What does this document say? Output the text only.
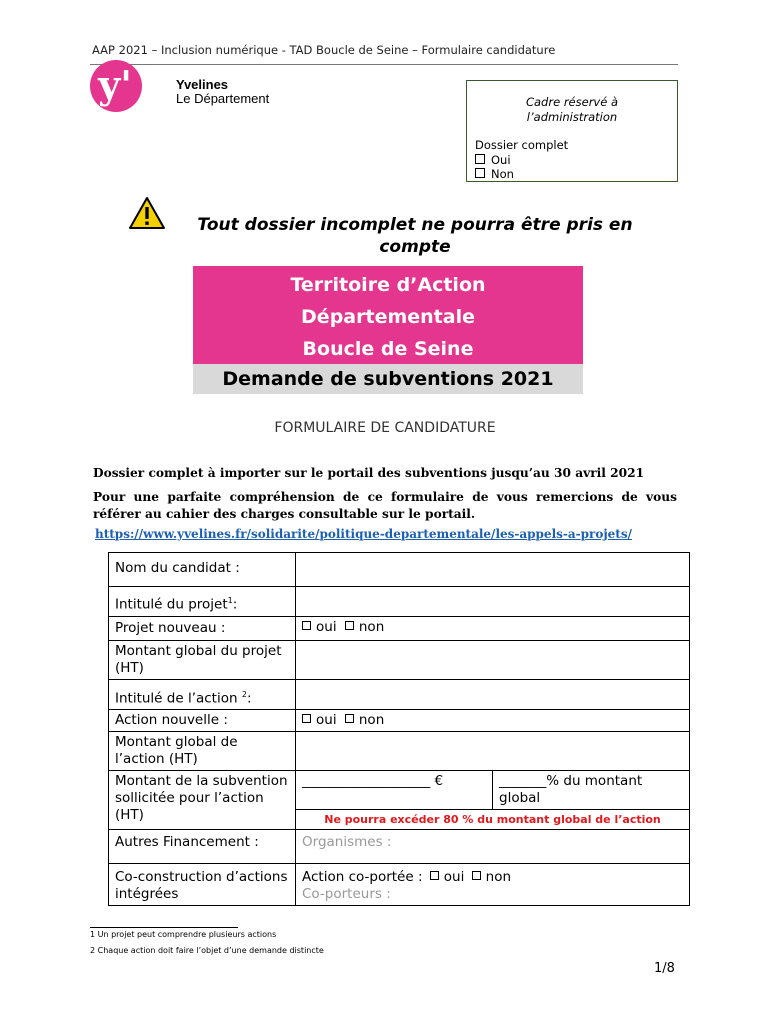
AAP 2021 – Inclusion numérique - TAD Boucle de Seine – Formulaire candidature
y'	Yvelines
Le Département	Cadre réservé à
l’administration
Dossier complet
Oui
Non
Tout dossier incomplet ne pourra être pris en
compte
Territoire d’Action
Départementale
Boucle de Seine
Demande de subventions 2021
FORMULAIRE DE CANDIDATURE
Dossier complet à importer sur le portail des subventions jusqu’au 30 avril 2021
Pour une parfaite compréhension de ce formulaire de vous remercions de vous référer au cahier des charges consultable sur le portail.
https://www.yvelines.fr/solidarite/politique-departementale/les-appels-a-projets/
Nom du candidat :		
Intitulé du projet$^1$:		
Projet nouveau :	oui non	
Montant global du projet (HT)		
Intitulé de l’action $^2$:		
Action nouvelle :	oui non	
Montant global de l’action (HT)		
Montant de la subvention sollicitée pour l’action (HT)	___________________ €	_______% du montant global
	Ne pourra excéder 80 % du montant global de l’action	
Autres Financement :	Organismes :	
Co-construction d’actions intégrées	Action co-portée : oui non
Co-porteurs :	
1 Un projet peut comprendre plusieurs actions
2 Chaque action doit faire l’objet d’une demande distincte
1/8
